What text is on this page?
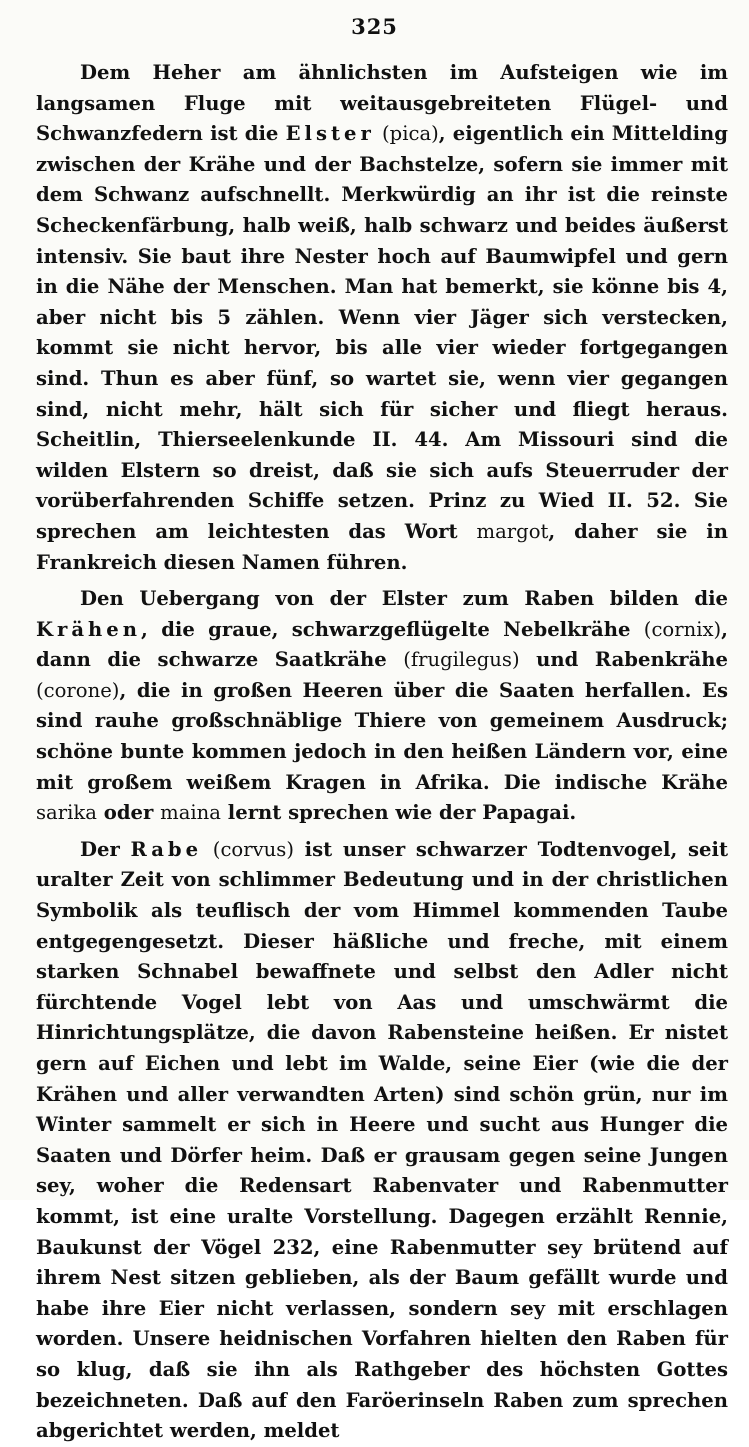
325

Dem Heher am ähnlichsten im Aufsteigen wie im langsamen Fluge mit weitausgebreiteten Flügel- und Schwanzfedern ist die Elster (pica), eigentlich ein Mittelding zwischen der Krähe und der Bachstelze, sofern sie immer mit dem Schwanz aufschnellt. Merkwürdig an ihr ist die reinste Scheckenfärbung, halb weiß, halb schwarz und beides äußerst intensiv. Sie baut ihre Nester hoch auf Baumwipfel und gern in die Nähe der Menschen. Man hat bemerkt, sie könne bis 4, aber nicht bis 5 zählen. Wenn vier Jäger sich verstecken, kommt sie nicht hervor, bis alle vier wieder fortgegangen sind. Thun es aber fünf, so wartet sie, wenn vier gegangen sind, nicht mehr, hält sich für sicher und fliegt heraus. Scheitlin, Thierseelenkunde II. 44. Am Missouri sind die wilden Elstern so dreist, daß sie sich aufs Steuerruder der vorüberfahrenden Schiffe setzen. Prinz zu Wied II. 52. Sie sprechen am leichtesten das Wort margot, daher sie in Frankreich diesen Namen führen.

Den Uebergang von der Elster zum Raben bilden die Krähen, die graue, schwarzgeflügelte Nebelkrähe (cornix), dann die schwarze Saatkrähe (frugilegus) und Rabenkrähe (corone), die in großen Heeren über die Saaten herfallen. Es sind rauhe großschnäblige Thiere von gemeinem Ausdruck; schöne bunte kommen jedoch in den heißen Ländern vor, eine mit großem weißem Kragen in Afrika. Die indische Krähe sarika oder maina lernt sprechen wie der Papagai.

Der Rabe (corvus) ist unser schwarzer Todtenvogel, seit uralter Zeit von schlimmer Bedeutung und in der christlichen Symbolik als teuflisch der vom Himmel kommenden Taube entgegengesetzt. Dieser häßliche und freche, mit einem starken Schnabel bewaffnete und selbst den Adler nicht fürchtende Vogel lebt von Aas und umschwärmt die Hinrichtungsplätze, die davon Rabensteine heißen. Er nistet gern auf Eichen und lebt im Walde, seine Eier (wie die der Krähen und aller verwandten Arten) sind schön grün, nur im Winter sammelt er sich in Heere und sucht aus Hunger die Saaten und Dörfer heim. Daß er grausam gegen seine Jungen sey, woher die Redensart Rabenvater und Rabenmutter kommt, ist eine uralte Vorstellung. Dagegen erzählt Rennie, Baukunst der Vögel 232, eine Rabenmutter sey brütend auf ihrem Nest sitzen geblieben, als der Baum gefällt wurde und habe ihre Eier nicht verlassen, sondern sey mit erschlagen worden. Unsere heidnischen Vorfahren hielten den Raben für so klug, daß sie ihn als Rathgeber des höchsten Gottes bezeichneten. Daß auf den Faröerinseln Raben zum sprechen abgerichtet werden, meldet
